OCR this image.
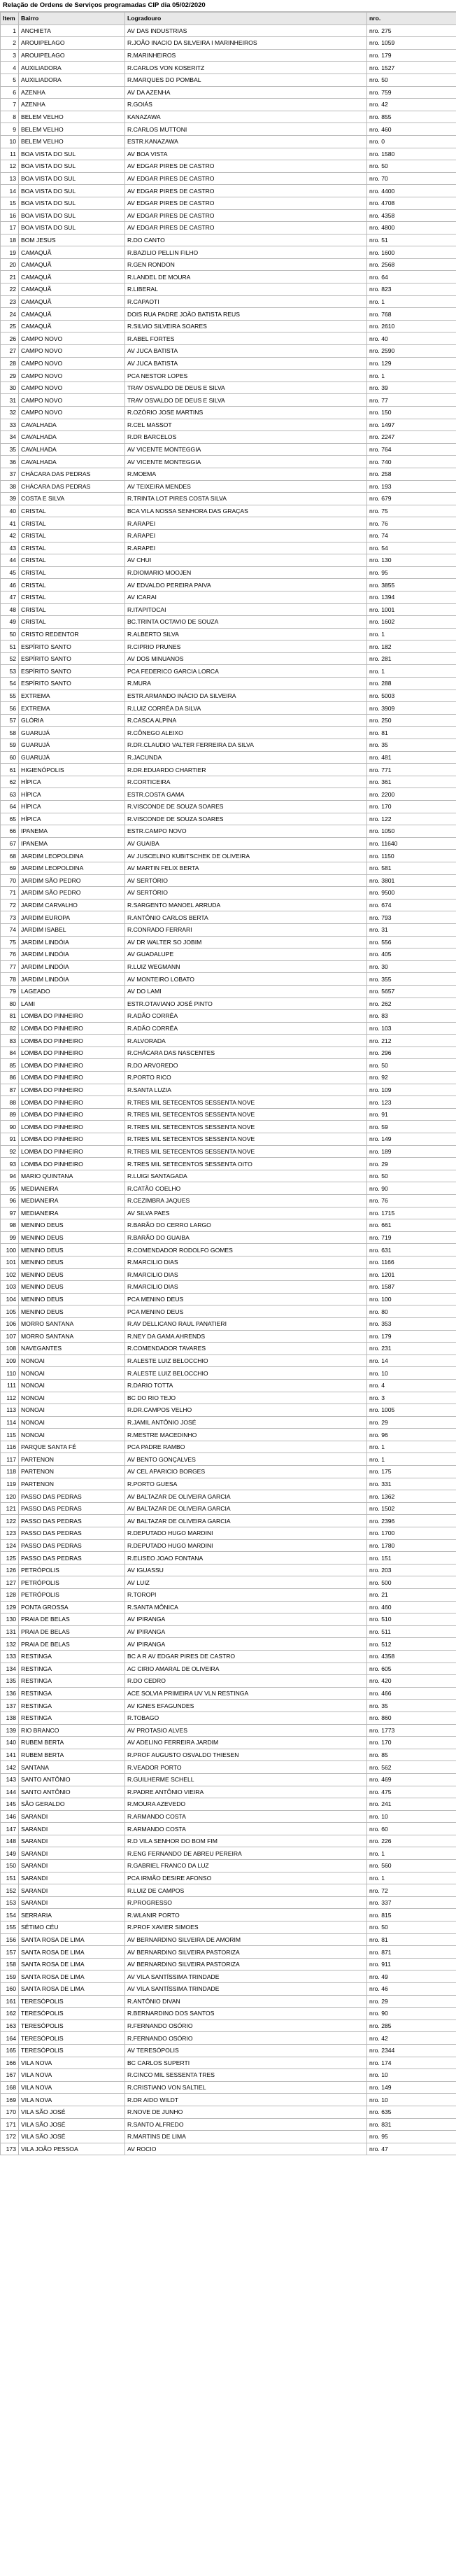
Relação de Ordens de Serviços programadas CIP dia 05/02/2020
Item	Bairro	Logradouro	nro.
1	ANCHIETA	AV DAS INDUSTRIAS	nro. 275
2	AROUIPELAGO	R.JOÃO INACIO DA SILVEIRA I MARINHEIROS	nro. 1059
3	AROUIPELAGO	R.MARINHEIROS	nro. 179
4	AUXILIADORA	R.CARLOS VON KOSERITZ	nro. 1527
5	AUXILIADORA	R.MARQUES DO POMBAL	nro. 50
6	AZENHA	AV DA AZENHA	nro. 759
7	AZENHA	R.GOIÁS	nro. 42
8	BELEM VELHO	KANAZAWA	nro. 855
9	BELEM VELHO	R.CARLOS MUTTONI	nro. 460
10	BELEM VELHO	ESTR.KANAZAWA	nro. 0
11	BOA VISTA DO SUL	AV BOA VISTA	nro. 1580
12	BOA VISTA DO SUL	AV EDGAR PIRES DE CASTRO	nro. 50
13	BOA VISTA DO SUL	AV EDGAR PIRES DE CASTRO	nro. 70
14	BOA VISTA DO SUL	AV EDGAR PIRES DE CASTRO	nro. 4400
15	BOA VISTA DO SUL	AV EDGAR PIRES DE CASTRO	nro. 4708
16	BOA VISTA DO SUL	AV EDGAR PIRES DE CASTRO	nro. 4358
17	BOA VISTA DO SUL	AV EDGAR PIRES DE CASTRO	nro. 4800
18	BOM JESUS	R.DO CANTO	nro. 51
19	CAMAQUÃ	R.BAZILIO PELLIN FILHO	nro. 1600
20	CAMAQUÃ	R.GEN RONDON	nro. 2568
21	CAMAQUÃ	R.LANDEL DE MOURA	nro. 64
22	CAMAQUÃ	R.LIBERAL	nro. 823
23	CAMAQUÃ	R.CAPAOTI	nro. 1
24	CAMAQUÃ	DOIS RUA PADRE JOÃO BATISTA REUS	nro. 768
25	CAMAQUÃ	R.SILVIO SILVEIRA SOARES	nro. 2610
26	CAMPO NOVO	R.ABEL FORTES	nro. 40
27	CAMPO NOVO	AV JUCA BATISTA	nro. 2590
28	CAMPO NOVO	AV JUCA BATISTA	nro. 129
29	CAMPO NOVO	PCA NESTOR LOPES	nro. 1
30	CAMPO NOVO	TRAV OSVALDO DE DEUS E SILVA	nro. 39
31	CAMPO NOVO	TRAV OSVALDO DE DEUS E SILVA	nro. 77
32	CAMPO NOVO	R.OZÓRIO JOSE MARTINS	nro. 150
33	CAVALHADA	R.CEL MASSOT	nro. 1497
34	CAVALHADA	R.DR BARCELOS	nro. 2247
35	CAVALHADA	AV VICENTE MONTEGGIA	nro. 764
36	CAVALHADA	AV VICENTE MONTEGGIA	nro. 740
37	CHÁCARA DAS PEDRAS	R.MOEMA	nro. 258
38	CHÁCARA DAS PEDRAS	AV TEIXEIRA MENDES	nro. 193
39	COSTA E SILVA	R.TRINTA LOT PIRES COSTA SILVA	nro. 679
40	CRISTAL	BCA VILA NOSSA SENHORA DAS GRAÇAS	nro. 75
41	CRISTAL	R.ARAPEI	nro. 76
42	CRISTAL	R.ARAPEI	nro. 74
43	CRISTAL	R.ARAPEI	nro. 54
44	CRISTAL	AV CHUI	nro. 130
45	CRISTAL	R.DIOMARIO MOOJEN	nro. 95
46	CRISTAL	AV EDVALDO PEREIRA PAIVA	nro. 3855
47	CRISTAL	AV ICARAI	nro. 1394
48	CRISTAL	R.ITAPITOCAI	nro. 1001
49	CRISTAL	BC.TRINTA OCTAVIO DE SOUZA	nro. 1602
50	CRISTO REDENTOR	R.ALBERTO SILVA	nro. 1
51	ESPÍRITO SANTO	R.CIPRIO PRUNES	nro. 182
52	ESPÍRITO SANTO	AV DOS MINUANOS	nro. 281
53	ESPÍRITO SANTO	PCA FEDERICO GARCIA LORCA	nro. 1
54	ESPÍRITO SANTO	R.MURA	nro. 288
55	EXTREMA	ESTR.ARMANDO INÁCIO DA SILVEIRA	nro. 5003
56	EXTREMA	R.LUIZ CORRÊA DA SILVA	nro. 3909
57	GLÓRIA	R.CASCA ALPINA	nro. 250
58	GUARUJÁ	R.CÔNEGO ALEIXO	nro. 81
59	GUARUJÁ	R.DR.CLAUDIO VALTER FERREIRA DA SILVA	nro. 35
60	GUARUJÁ	R.JACUNDA	nro. 481
61	HIGIENÓPOLIS	R.DR.EDUARDO CHARTIER	nro. 771
62	HÍPICA	R.CORTICEIRA	nro. 361
63	HÍPICA	ESTR.COSTA GAMA	nro. 2200
64	HÍPICA	R.VISCONDE DE SOUZA SOARES	nro. 170
65	HÍPICA	R.VISCONDE DE SOUZA SOARES	nro. 122
66	IPANEMA	ESTR.CAMPO NOVO	nro. 1050
67	IPANEMA	AV GUAIBA	nro. 11640
68	JARDIM LEOPOLDINA	AV JUSCELINO KUBITSCHEK DE OLIVEIRA	nro. 1150
69	JARDIM LEOPOLDINA	AV MARTIN FELIX BERTA	nro. 581
70	JARDIM SÃO PEDRO	AV SERTÓRIO	nro. 3801
71	JARDIM SÃO PEDRO	AV SERTÓRIO	nro. 9500
72	JARDIM CARVALHO	R.SARGENTO MANOEL ARRUDA	nro. 674
73	JARDIM EUROPA	R.ANTÔNIO CARLOS BERTA	nro. 793
74	JARDIM ISABEL	R.CONRADO FERRARI	nro. 31
75	JARDIM LINDÓIA	AV DR WALTER SO JOBIM	nro. 556
76	JARDIM LINDÓIA	AV GUADALUPE	nro. 405
77	JARDIM LINDÓIA	R.LUIZ WEGMANN	nro. 30
78	JARDIM LINDÓIA	AV MONTEIRO LOBATO	nro. 355
79	LAGEADO	AV DO LAMI	nro. 5657
80	LAMI	ESTR.OTAVIANO JOSÉ PINTO	nro. 262
81	LOMBA DO PINHEIRO	R.ADÃO CORRÊA	nro. 83
82	LOMBA DO PINHEIRO	R.ADÃO CORRÊA	nro. 103
83	LOMBA DO PINHEIRO	R.ALVORADA	nro. 212
84	LOMBA DO PINHEIRO	R.CHÁCARA DAS NASCENTES	nro. 296
85	LOMBA DO PINHEIRO	R.DO ARVOREDO	nro. 50
86	LOMBA DO PINHEIRO	R.PORTO RICO	nro. 92
87	LOMBA DO PINHEIRO	R.SANTA LUZIA	nro. 109
88	LOMBA DO PINHEIRO	R.TRES MIL SETECENTOS SESSENTA NOVE	nro. 123
89	LOMBA DO PINHEIRO	R.TRES MIL SETECENTOS SESSENTA NOVE	nro. 91
90	LOMBA DO PINHEIRO	R.TRES MIL SETECENTOS SESSENTA NOVE	nro. 59
91	LOMBA DO PINHEIRO	R.TRES MIL SETECENTOS SESSENTA NOVE	nro. 149
92	LOMBA DO PINHEIRO	R.TRES MIL SETECENTOS SESSENTA NOVE	nro. 189
93	LOMBA DO PINHEIRO	R.TRES MIL SETECENTOS SESSENTA OITO	nro. 29
94	MARIO QUINTANA	R.LUIGI SANTAGADA	nro. 50
95	MEDIANEIRA	R.CATÃO COELHO	nro. 90
96	MEDIANEIRA	R.CEZIMBRA JAQUES	nro. 76
97	MEDIANEIRA	AV SILVA PAES	nro. 1715
98	MENINO DEUS	R.BARÃO DO CERRO LARGO	nro. 661
99	MENINO DEUS	R.BARÃO DO GUAIBA	nro. 719
100	MENINO DEUS	R.COMENDADOR RODOLFO GOMES	nro. 631
101	MENINO DEUS	R.MARCILIO DIAS	nro. 1166
102	MENINO DEUS	R.MARCILIO DIAS	nro. 1201
103	MENINO DEUS	R.MARCILIO DIAS	nro. 1587
104	MENINO DEUS	PCA MENINO DEUS	nro. 100
105	MENINO DEUS	PCA MENINO DEUS	nro. 80
106	MORRO SANTANA	R.AV DELLICANO RAUL PANATIERI	nro. 353
107	MORRO SANTANA	R.NEY DA GAMA AHRENDS	nro. 179
108	NAVEGANTES	R.COMENDADOR TAVARES	nro. 231
109	NONOAI	R.ALESTE LUIZ BELOCCHIO	nro. 14
110	NONOAI	R.ALESTE LUIZ BELOCCHIO	nro. 10
111	NONOAI	R.DARIO TOTTA	nro. 4
112	NONOAI	BC DO RIO TEJO	nro. 3
113	NONOAI	R.DR.CAMPOS VELHO	nro. 1005
114	NONOAI	R.JAMIL ANTÔNIO JOSÉ	nro. 29
115	NONOAI	R.MESTRE MACEDINHO	nro. 96
116	PARQUE SANTA FÉ	PCA PADRE RAMBO	nro. 1
117	PARTENON	AV BENTO GONÇALVES	nro. 1
118	PARTENON	AV CEL APARICIO BORGES	nro. 175
119	PARTENON	R.PORTO GUESA	nro. 331
120	PASSO DAS PEDRAS	AV BALTAZAR DE OLIVEIRA GARCIA	nro. 1362
121	PASSO DAS PEDRAS	AV BALTAZAR DE OLIVEIRA GARCIA	nro. 1502
122	PASSO DAS PEDRAS	AV BALTAZAR DE OLIVEIRA GARCIA	nro. 2396
123	PASSO DAS PEDRAS	R.DEPUTADO HUGO MARDINI	nro. 1700
124	PASSO DAS PEDRAS	R.DEPUTADO HUGO MARDINI	nro. 1780
125	PASSO DAS PEDRAS	R.ELISEO JOAO FONTANA	nro. 151
126	PETRÓPOLIS	AV IGUASSU	nro. 203
127	PETRÓPOLIS	AV LUIZ	nro. 500
128	PETRÓPOLIS	R.TOROPI	nro. 21
129	PONTA GROSSA	R.SANTA MÔNICA	nro. 460
130	PRAIA DE BELAS	AV IPIRANGA	nro. 510
131	PRAIA DE BELAS	AV IPIRANGA	nro. 511
132	PRAIA DE BELAS	AV IPIRANGA	nro. 512
133	RESTINGA	BC A R AV EDGAR PIRES DE CASTRO	nro. 4358
134	RESTINGA	AC CIRIO AMARAL DE OLIVEIRA	nro. 605
135	RESTINGA	R.DO CEDRO	nro. 420
136	RESTINGA	ACE SOLVIA PRIMEIRA UV VLN RESTINGA	nro. 466
137	RESTINGA	AV IGNES EFAGUNDES	nro. 35
138	RESTINGA	R.TOBAGO	nro. 860
139	RIO BRANCO	AV PROTASIO ALVES	nro. 1773
140	RUBEM BERTA	AV ADELINO FERREIRA JARDIM	nro. 170
141	RUBEM BERTA	R.PROF AUGUSTO OSVALDO THIESEN	nro. 85
142	SANTANA	R.VEADOR PORTO	nro. 562
143	SANTO ANTÔNIO	R.GUILHERME SCHELL	nro. 469
144	SANTO ANTÔNIO	R.PADRE ANTÔNIO VIEIRA	nro. 475
145	SÃO GERALDO	R.MOURA AZEVEDO	nro. 241
146	SARANDI	R.ARMANDO COSTA	nro. 10
147	SARANDI	R.ARMANDO COSTA	nro. 60
148	SARANDI	R.D VILA SENHOR DO BOM FIM	nro. 226
149	SARANDI	R.ENG FERNANDO DE ABREU PEREIRA	nro. 1
150	SARANDI	R.GABRIEL FRANCO DA LUZ	nro. 560
151	SARANDI	PCA IRMÃO DESIRE AFONSO	nro. 1
152	SARANDI	R.LUIZ DE CAMPOS	nro. 72
153	SARANDI	R.PROGRESSO	nro. 337
154	SERRARIA	R.WLANIR PORTO	nro. 815
155	SÉTIMO CÉU	R.PROF XAVIER SIMOES	nro. 50
156	SANTA ROSA DE LIMA	AV BERNARDINO SILVEIRA DE AMORIM	nro. 81
157	SANTA ROSA DE LIMA	AV BERNARDINO SILVEIRA PASTORIZA	nro. 871
158	SANTA ROSA DE LIMA	AV BERNARDINO SILVEIRA PASTORIZA	nro. 911
159	SANTA ROSA DE LIMA	AV VILA SANTÍSSIMA TRINDADE	nro. 49
160	SANTA ROSA DE LIMA	AV VILA SANTÍSSIMA TRINDADE	nro. 46
161	TERESÓPOLIS	R.ANTÔNIO DIVAN	nro. 29
162	TERESÓPOLIS	R.BERNARDINO DOS SANTOS	nro. 90
163	TERESÓPOLIS	R.FERNANDO OSÓRIO	nro. 285
164	TERESÓPOLIS	R.FERNANDO OSÓRIO	nro. 42
165	TERESÓPOLIS	AV TERESÓPOLIS	nro. 2344
166	VILA NOVA	BC CARLOS SUPERTI	nro. 174
167	VILA NOVA	R.CINCO MIL SESSENTA TRES	nro. 10
168	VILA NOVA	R.CRISTIANO VON SALTIEL	nro. 149
169	VILA NOVA	R.DR AIDO WILDT	nro. 10
170	VILA SÃO JOSÉ	R.NOVE DE JUNHO	nro. 635
171	VILA SÃO JOSÉ	R.SANTO ALFREDO	nro. 831
172	VILA SÃO JOSÉ	R.MARTINS DE LIMA	nro. 95
173	VILA JOÃO PESSOA	AV ROCIO	nro. 47
